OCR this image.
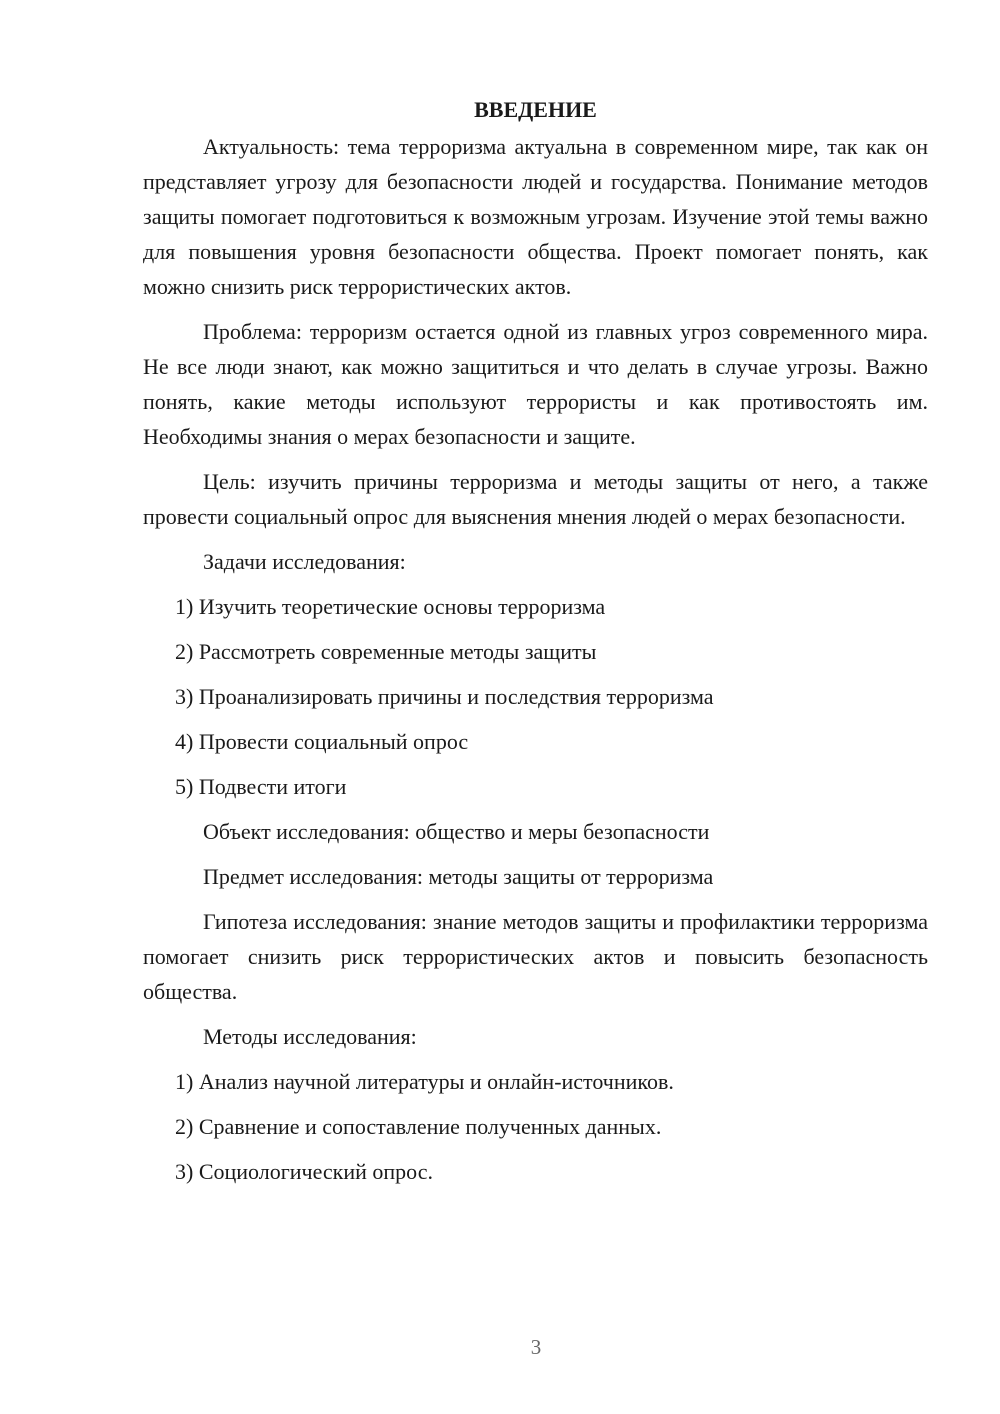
ВВЕДЕНИЕ

Актуальность: тема терроризма актуальна в современном мире, так как он представляет угрозу для безопасности людей и государства. Понимание методов защиты помогает подготовиться к возможным угрозам. Изучение этой темы важно для повышения уровня безопасности общества. Проект помогает понять, как можно снизить риск террористических актов.

Проблема: терроризм остается одной из главных угроз современного мира. Не все люди знают, как можно защититься и что делать в случае угрозы. Важно понять, какие методы используют террористы и как противостоять им. Необходимы знания о мерах безопасности и защите.

Цель: изучить причины терроризма и методы защиты от него, а также провести социальный опрос для выяснения мнения людей о мерах безопасности.

Задачи исследования:
1) Изучить теоретические основы терроризма
2) Рассмотреть современные методы защиты
3) Проанализировать причины и последствия терроризма
4) Провести социальный опрос
5) Подвести итоги
Объект исследования: общество и меры безопасности
Предмет исследования: методы защиты от терроризма

Гипотеза исследования: знание методов защиты и профилактики терроризма помогает снизить риск террористических актов и повысить безопасность общества.

Методы исследования:
1) Анализ научной литературы и онлайн-источников.
2) Сравнение и сопоставление полученных данных.
3) Социологический опрос.
3
